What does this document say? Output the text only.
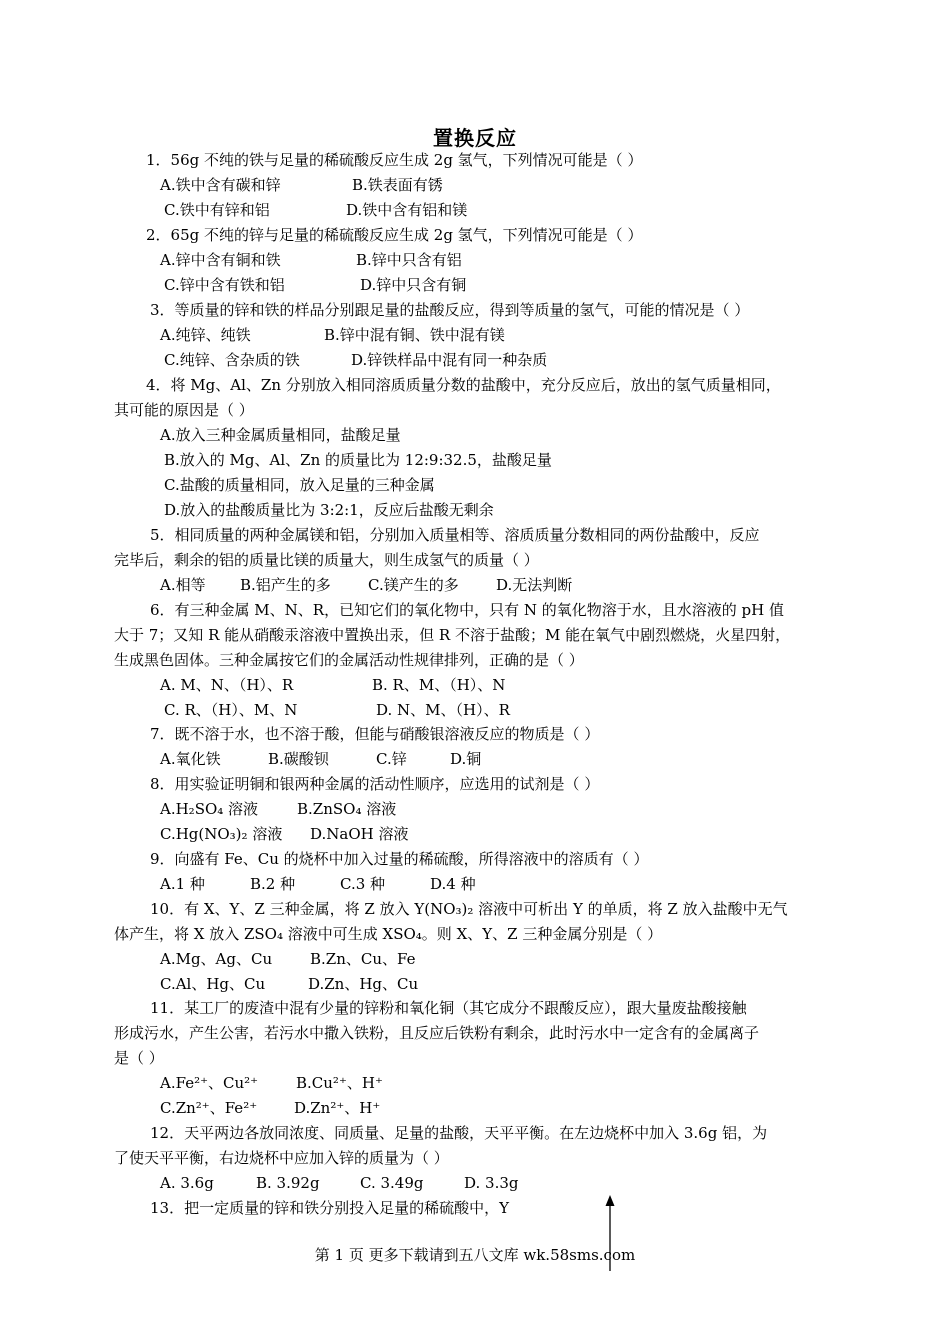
置换反应
1．56g 不纯的铁与足量的稀硫酸反应生成 2g 氢气，下列情况可能是（ ）
A.铁中含有碳和锌	B.铁表面有锈
C.铁中有锌和铝	D.铁中含有铝和镁
2．65g 不纯的锌与足量的稀硫酸反应生成 2g 氢气，下列情况可能是（ ）
A.锌中含有铜和铁	B.锌中只含有铝
C.锌中含有铁和铝	D.锌中只含有铜
3．等质量的锌和铁的样品分别跟足量的盐酸反应，得到等质量的氢气，可能的情况是（ ）
A.纯锌、纯铁	B.锌中混有铜、铁中混有镁
C.纯锌、含杂质的铁	D.锌铁样品中混有同一种杂质
4．将 Mg、Al、Zn 分别放入相同溶质质量分数的盐酸中，充分反应后，放出的氢气质量相同，
其可能的原因是（ ）
A.放入三种金属质量相同，盐酸足量
B.放入的 Mg、Al、Zn 的质量比为 12:9:32.5，盐酸足量
C.盐酸的质量相同，放入足量的三种金属
D.放入的盐酸质量比为 3:2:1，反应后盐酸无剩余
5．相同质量的两种金属镁和铝，分别加入质量相等、溶质质量分数相同的两份盐酸中，反应
完毕后，剩余的铝的质量比镁的质量大，则生成氢气的质量（ ）
A.相等 B.铝产生的多 C.镁产生的多 D.无法判断
6．有三种金属 M、N、R，已知它们的氧化物中，只有 N 的氧化物溶于水，且水溶液的 pH 值
大于 7；又知 R 能从硝酸汞溶液中置换出汞，但 R 不溶于盐酸；M 能在氧气中剧烈燃烧，火星四射，
生成黑色固体。三种金属按它们的金属活动性规律排列，正确的是（ ）
A. M、N、（H）、R	B. R、M、（H）、N
C. R、（H）、M、N	D. N、M、（H）、R
7．既不溶于水，也不溶于酸，但能与硝酸银溶液反应的物质是（ ）
A.氧化铁	B.碳酸钡	C.锌	D.铜
8．用实验证明铜和银两种金属的活动性顺序，应选用的试剂是（ ）
A.H₂SO₄ 溶液	B.ZnSO₄ 溶液
C.Hg(NO₃)₂ 溶液 D.NaOH 溶液
9．向盛有 Fe、Cu 的烧杯中加入过量的稀硫酸，所得溶液中的溶质有（ ）
A.1 种	B.2 种	C.3 种	D.4 种
10．有 X、Y、Z 三种金属，将 Z 放入 Y(NO₃)₂ 溶液中可析出 Y 的单质，将 Z 放入盐酸中无气
体产生，将 X 放入 ZSO₄ 溶液中可生成 XSO₄。则 X、Y、Z 三种金属分别是（ ）
A.Mg、Ag、Cu	B.Zn、Cu、Fe
C.Al、Hg、Cu	D.Zn、Hg、Cu
11．某工厂的废渣中混有少量的锌粉和氧化铜（其它成分不跟酸反应），跟大量废盐酸接触
形成污水，产生公害，若污水中撒入铁粉，且反应后铁粉有剩余，此时污水中一定含有的金属离子
是（ ）
A.Fe²⁺、Cu²⁺	B.Cu²⁺、H⁺
C.Zn²⁺、Fe²⁺ D.Zn²⁺、H⁺
12．天平两边各放同浓度、同质量、足量的盐酸，天平平衡。在左边烧杯中加入 3.6g 铝，为
了使天平平衡，右边烧杯中应加入锌的质量为（ ）
A. 3.6g	B. 3.92g	C. 3.49g	D. 3.3g
13．把一定质量的锌和铁分别投入足量的稀硫酸中，Y
第 1 页 更多下载请到五八文库 wk.58sms.com
